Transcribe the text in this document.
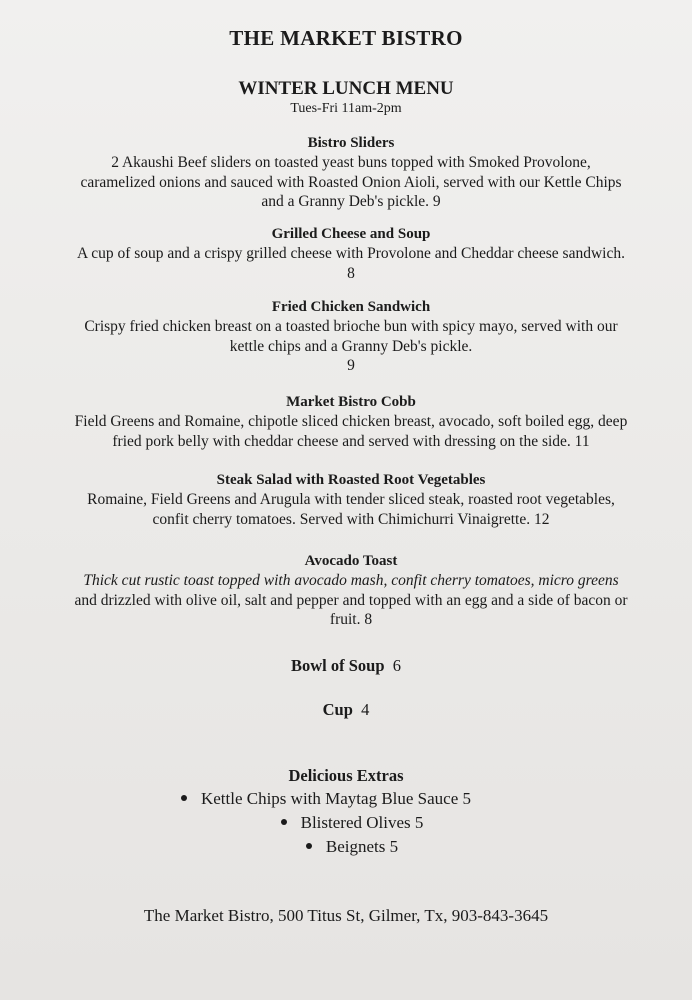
THE MARKET BISTRO
WINTER LUNCH MENU
Tues-Fri 11am-2pm
Bistro Sliders
2 Akaushi Beef sliders on toasted yeast buns topped with Smoked Provolone,
caramelized onions and sauced with Roasted Onion Aioli, served with our Kettle Chips
and a Granny Deb's pickle. 9
Grilled Cheese and Soup
A cup of soup and a crispy grilled cheese with Provolone and Cheddar cheese sandwich.
8
Fried Chicken Sandwich
Crispy fried chicken breast on a toasted brioche bun with spicy mayo, served with our
kettle chips and a Granny Deb's pickle.
9
Market Bistro Cobb
Field Greens and Romaine, chipotle sliced chicken breast, avocado, soft boiled egg, deep
fried pork belly with cheddar cheese and served with dressing on the side. 11
Steak Salad with Roasted Root Vegetables
Romaine, Field Greens and Arugula with tender sliced steak, roasted root vegetables,
confit cherry tomatoes. Served with Chimichurri Vinaigrette. 12
Avocado Toast
Thick cut rustic toast topped with avocado mash, confit cherry tomatoes, micro greens
and drizzled with olive oil, salt and pepper and topped with an egg and a side of bacon or
fruit. 8
Bowl of Soup 6
Cup 4
Delicious Extras
Kettle Chips with Maytag Blue Sauce 5
Blistered Olives 5
Beignets 5
The Market Bistro, 500 Titus St, Gilmer, Tx, 903-843-3645
